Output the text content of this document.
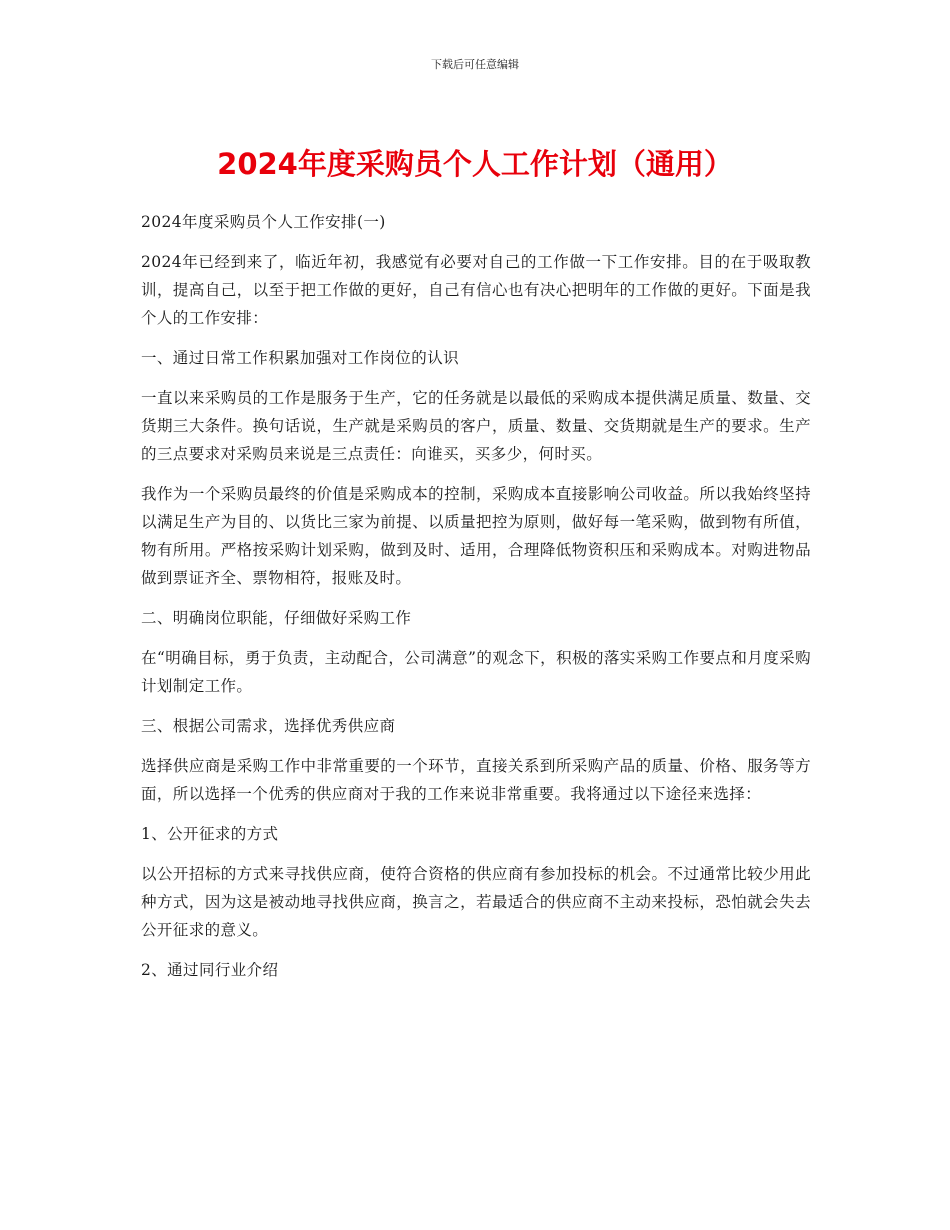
下载后可任意编辑
2024年度采购员个人工作计划（通用）

2024年度采购员个人工作安排(一)

2024年已经到来了，临近年初，我感觉有必要对自己的工作做一下工作安排。目的在于吸取教训，提高自己，以至于把工作做的更好，自己有信心也有决心把明年的工作做的更好。下面是我个人的工作安排：

一、通过日常工作积累加强对工作岗位的认识

一直以来采购员的工作是服务于生产，它的任务就是以最低的采购成本提供满足质量、数量、交货期三大条件。换句话说，生产就是采购员的客户，质量、数量、交货期就是生产的要求。生产的三点要求对采购员来说是三点责任：向谁买，买多少，何时买。

我作为一个采购员最终的价值是采购成本的控制，采购成本直接影响公司收益。所以我始终坚持以满足生产为目的、以货比三家为前提、以质量把控为原则，做好每一笔采购，做到物有所值，物有所用。严格按采购计划采购，做到及时、适用，合理降低物资积压和采购成本。对购进物品做到票证齐全、票物相符，报账及时。

二、明确岗位职能，仔细做好采购工作

在“明确目标，勇于负责，主动配合，公司满意”的观念下，积极的落实采购工作要点和月度采购计划制定工作。

三、根据公司需求，选择优秀供应商

选择供应商是采购工作中非常重要的一个环节，直接关系到所采购产品的质量、价格、服务等方面，所以选择一个优秀的供应商对于我的工作来说非常重要。我将通过以下途径来选择：

1、公开征求的方式

以公开招标的方式来寻找供应商，使符合资格的供应商有参加投标的机会。不过通常比较少用此种方式，因为这是被动地寻找供应商，换言之，若最适合的供应商不主动来投标，恐怕就会失去公开征求的意义。

2、通过同行业介绍
